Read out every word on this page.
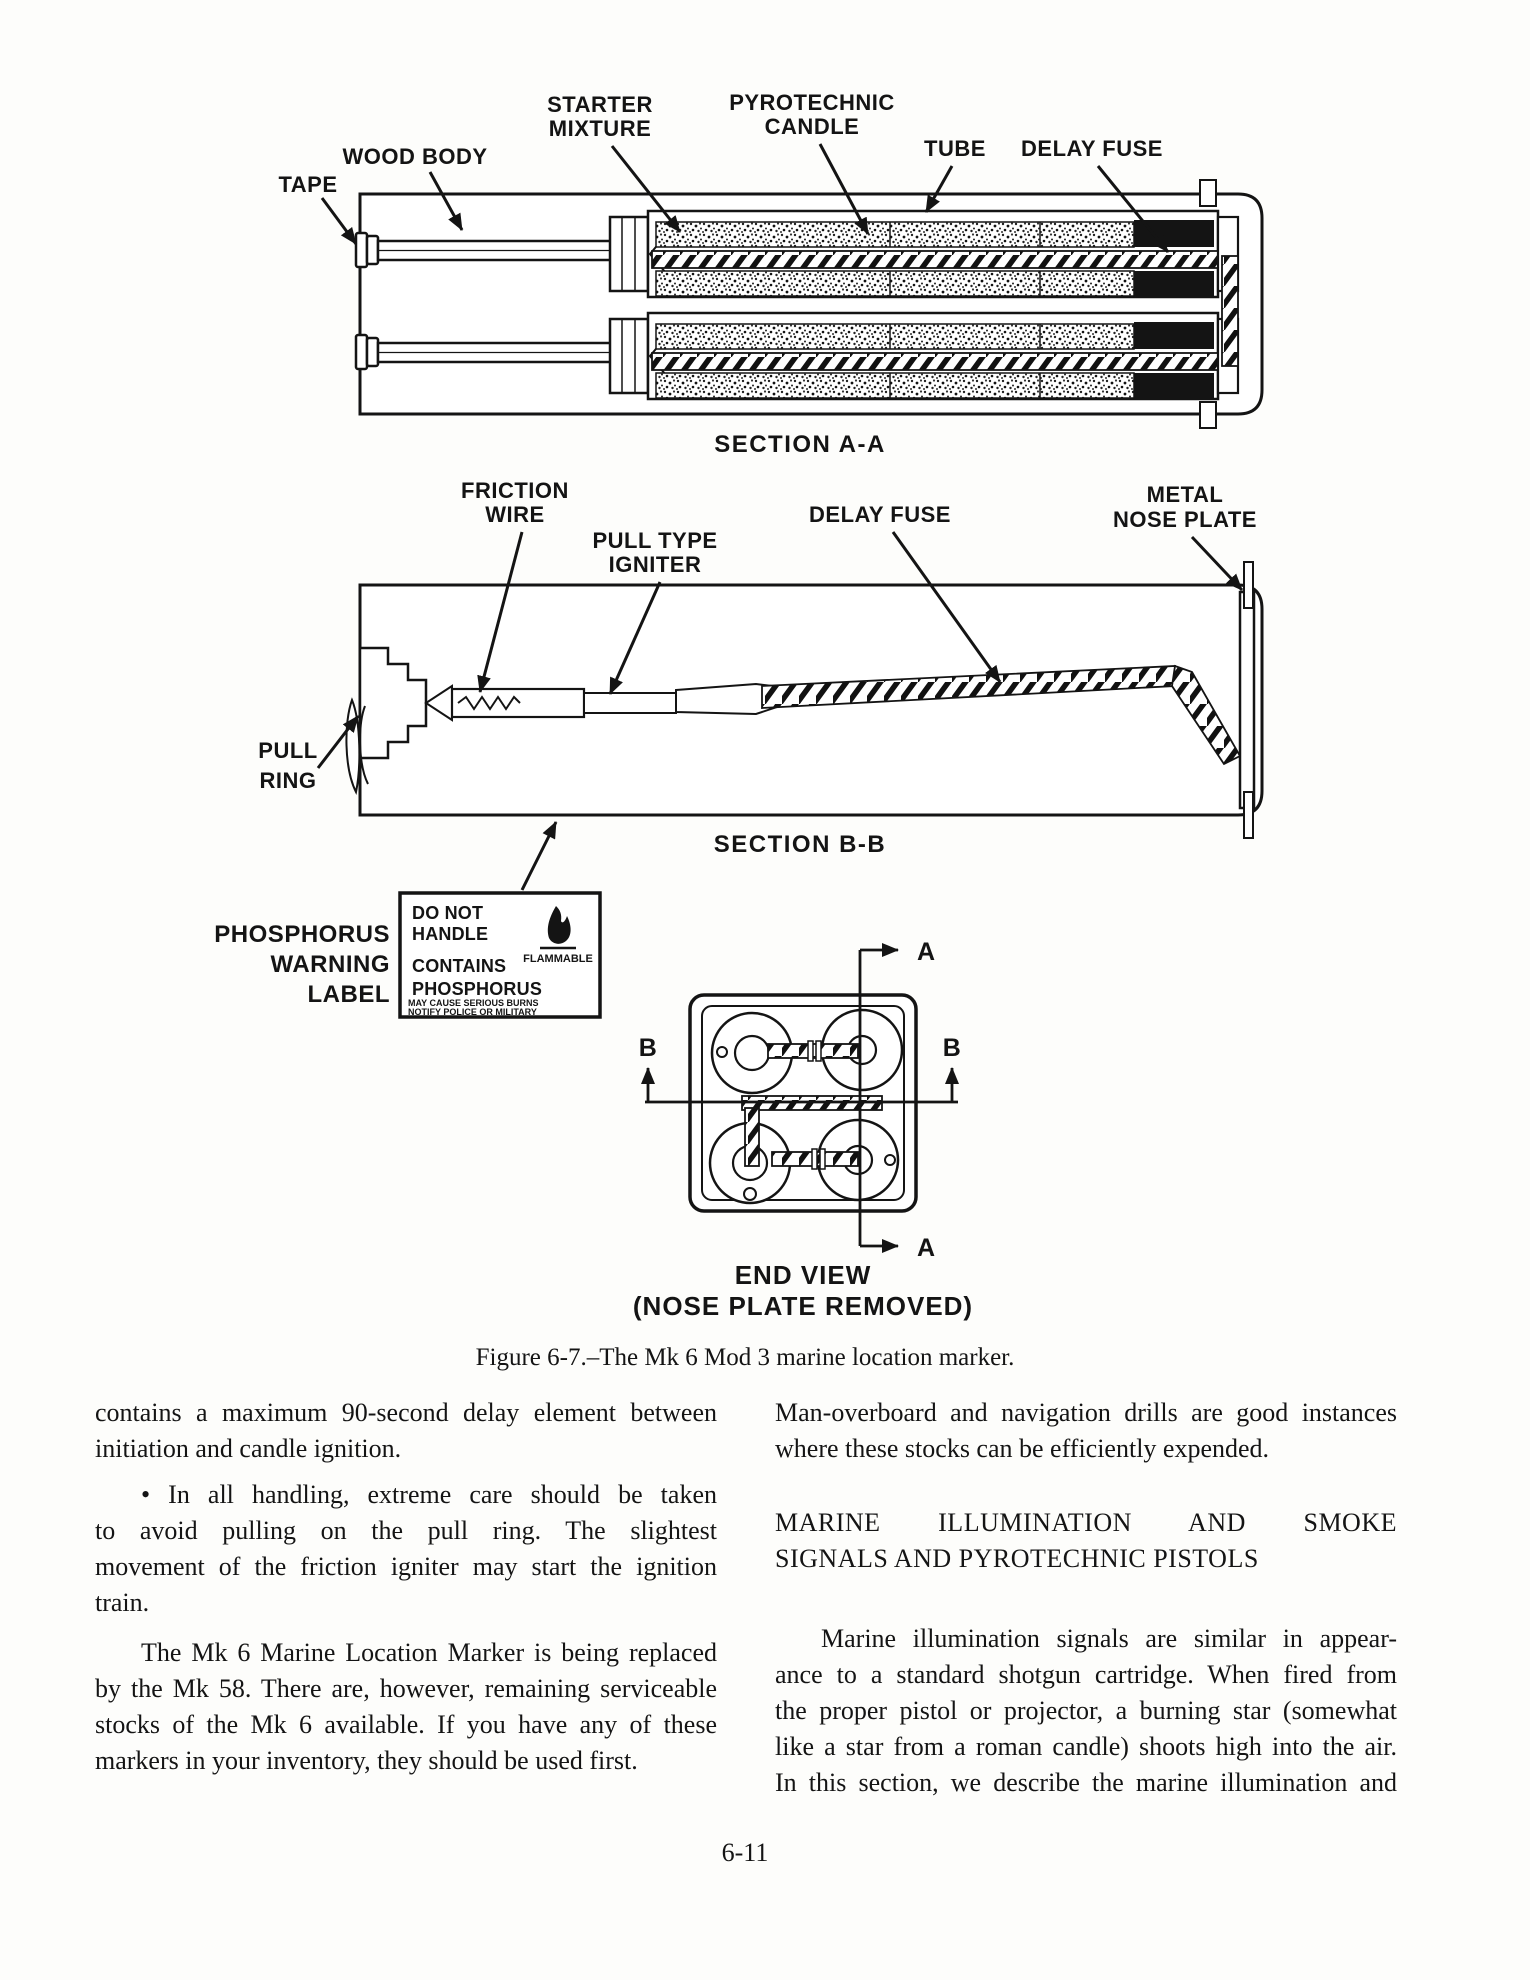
TAPE
WOOD BODY
STARTER
MIXTURE
PYROTECHNIC
CANDLE
TUBE DELAY FUSE
SECTION A-A
FRICTION
WIRE
PULL TYPE
IGNITER
DELAY FUSE
METAL
NOSE PLATE
PULL
RING
SECTION B-B
DO NOT
HANDLE
CONTAINS
PHOSPHORUS
MAY CAUSE SERIOUS BURNS
NOTIFY POLICE OR MILITARY
FLAMMABLE
PHOSPHORUS
WARNING
LABEL
A
A
B	B
END VIEW
(NOSE PLATE REMOVED)
Figure 6-7.–The Mk 6 Mod 3 marine location marker.
contains a maximum 90-second delay element between
initiation and candle ignition.
• In all handling, extreme care should be taken
to avoid pulling on the pull ring. The slightest
movement of the friction igniter may start the ignition
train.
The Mk 6 Marine Location Marker is being replaced
by the Mk 58. There are, however, remaining serviceable
stocks of the Mk 6 available. If you have any of these
markers in your inventory, they should be used first.
Man-overboard and navigation drills are good instances
where these stocks can be efficiently expended.
MARINE ILLUMINATION AND SMOKE
SIGNALS AND PYROTECHNIC PISTOLS
Marine illumination signals are similar in appear-
ance to a standard shotgun cartridge. When fired from
the proper pistol or projector, a burning star (somewhat
like a star from a roman candle) shoots high into the air.
In this section, we describe the marine illumination and
6-11
